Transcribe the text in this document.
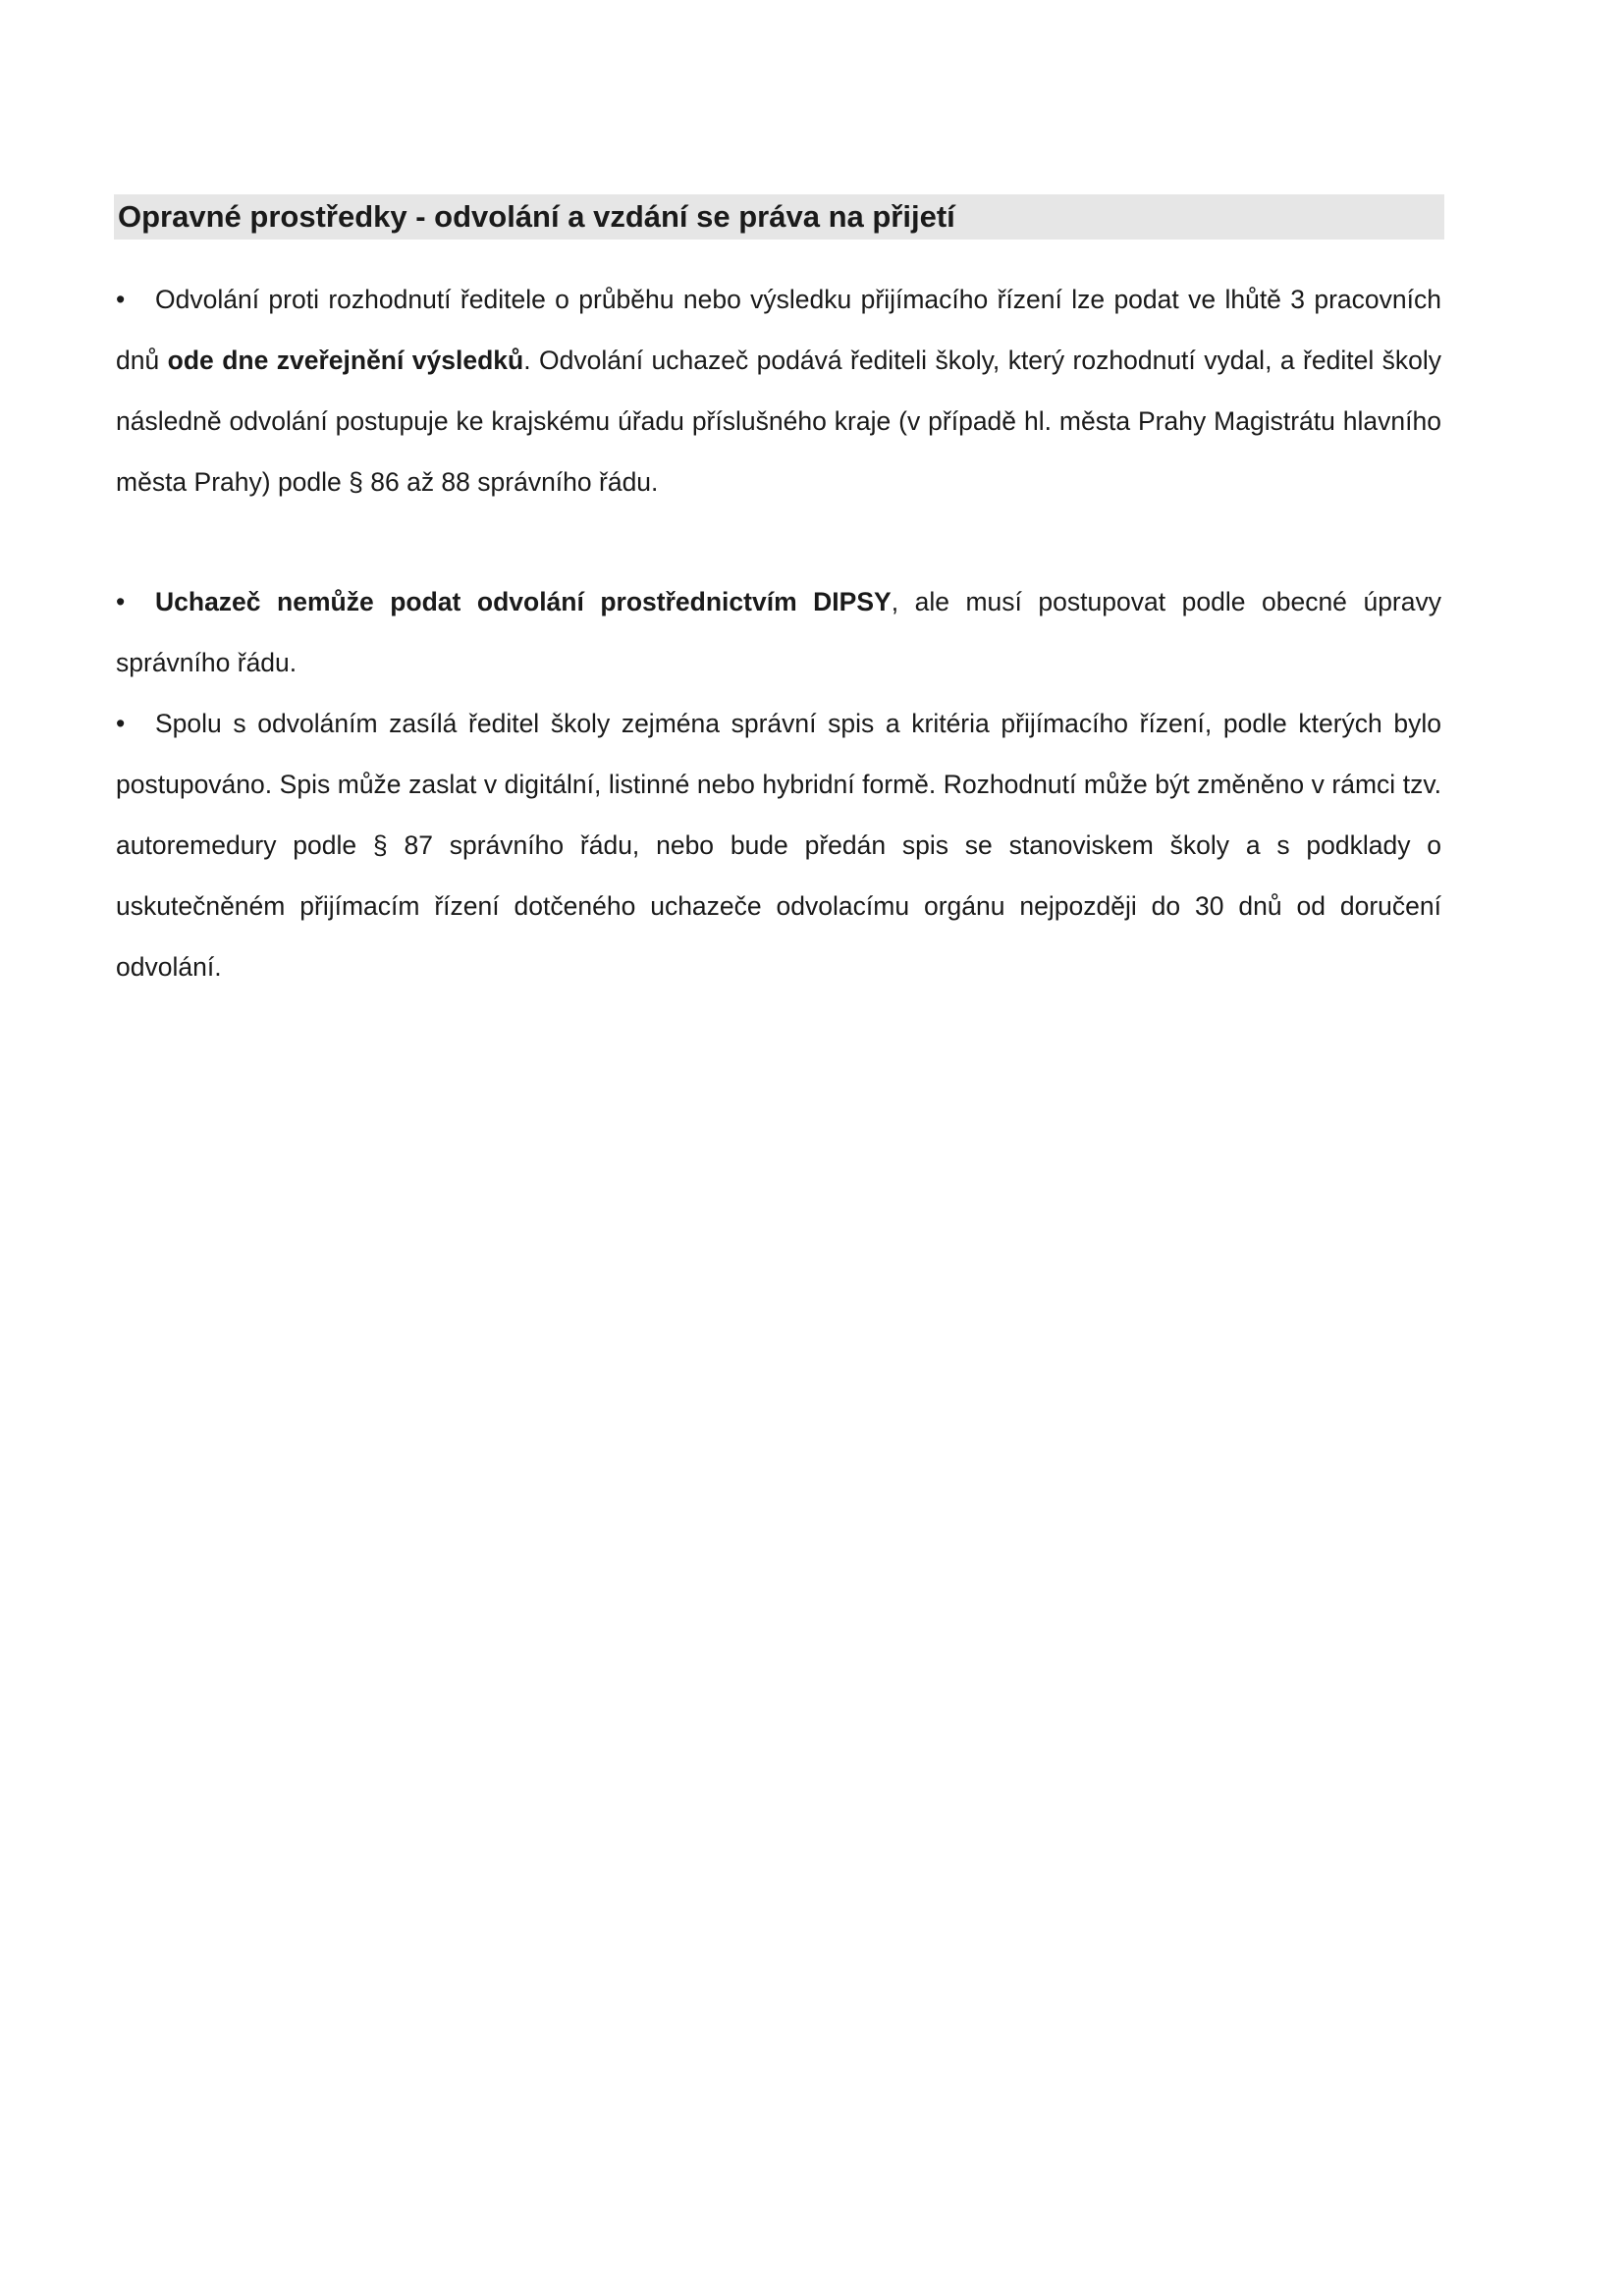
Opravné prostředky - odvolání a vzdání se práva na přijetí

• Odvolání proti rozhodnutí ředitele o průběhu nebo výsledku přijímacího řízení lze podat ve lhůtě 3 pracovních dnů ode dne zveřejnění výsledků. Odvolání uchazeč podává řediteli školy, který rozhodnutí vydal, a ředitel školy následně odvolání postupuje ke krajskému úřadu příslušného kraje (v případě hl. města Prahy Magistrátu hlavního města Prahy) podle § 86 až 88 správního řádu.

• Uchazeč nemůže podat odvolání prostřednictvím DIPSY, ale musí postupovat podle obecné úpravy správního řádu.

• Spolu s odvoláním zasílá ředitel školy zejména správní spis a kritéria přijímacího řízení, podle kterých bylo postupováno. Spis může zaslat v digitální, listinné nebo hybridní formě. Rozhodnutí může být změněno v rámci tzv. autoremedury podle § 87 správního řádu, nebo bude předán spis se stanoviskem školy a s podklady o uskutečněném přijímacím řízení dotčeného uchazeče odvolacímu orgánu nejpozději do 30 dnů od doručení odvolání.
